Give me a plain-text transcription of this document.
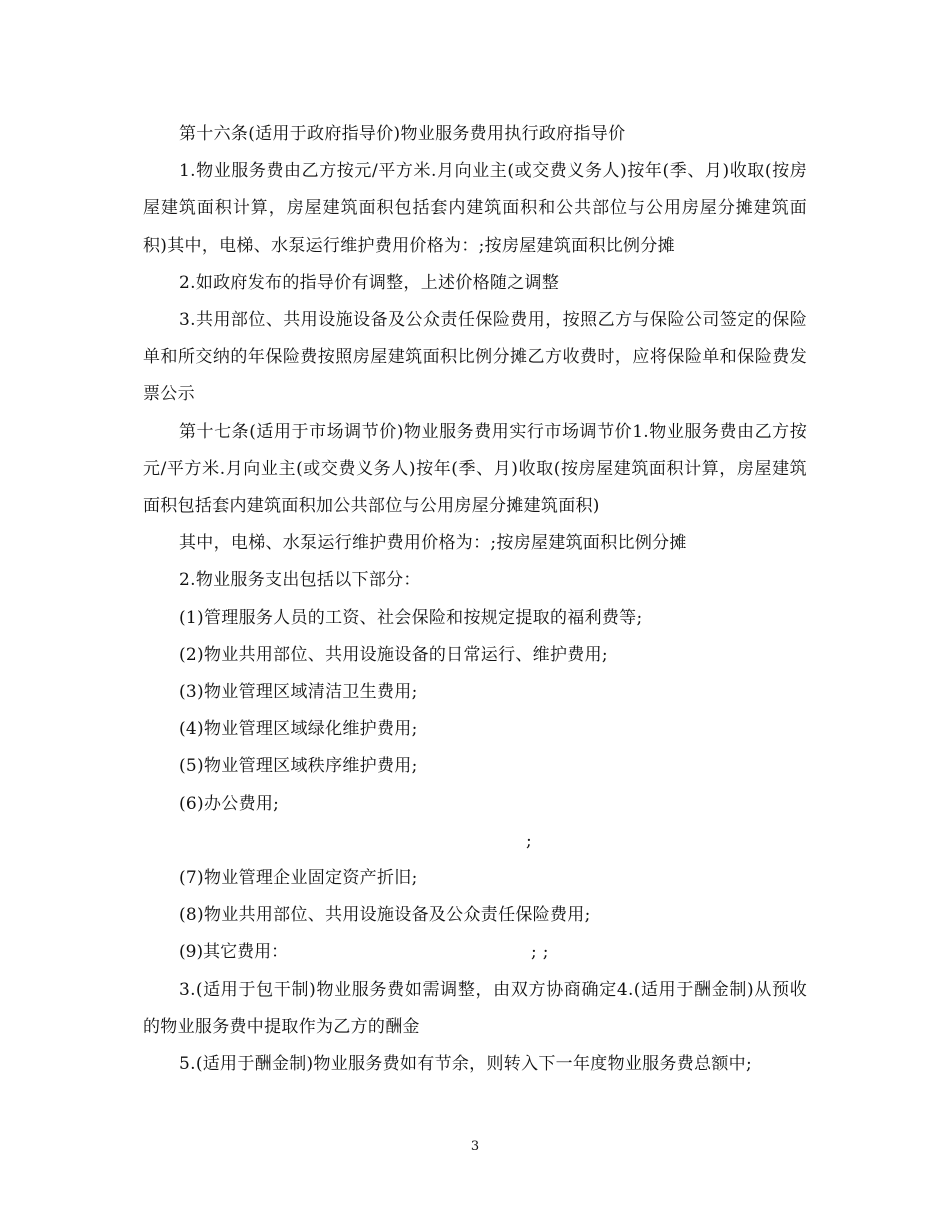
第十六条(适用于政府指导价)物业服务费用执行政府指导价

1.物业服务费由乙方按元/平方米.月向业主(或交费义务人)按年(季、月)收取(按房屋建筑面积计算，房屋建筑面积包括套内建筑面积和公共部位与公用房屋分摊建筑面积)其中，电梯、水泵运行维护费用价格为：;按房屋建筑面积比例分摊

2.如政府发布的指导价有调整，上述价格随之调整

3.共用部位、共用设施设备及公众责任保险费用，按照乙方与保险公司签定的保险单和所交纳的年保险费按照房屋建筑面积比例分摊乙方收费时，应将保险单和保险费发票公示

第十七条(适用于市场调节价)物业服务费用实行市场调节价1.物业服务费由乙方按元/平方米.月向业主(或交费义务人)按年(季、月)收取(按房屋建筑面积计算，房屋建筑面积包括套内建筑面积加公共部位与公用房屋分摊建筑面积)

其中，电梯、水泵运行维护费用价格为：;按房屋建筑面积比例分摊

2.物业服务支出包括以下部分：

(1)管理服务人员的工资、社会保险和按规定提取的福利费等;

(2)物业共用部位、共用设施设备的日常运行、维护费用;

(3)物业管理区域清洁卫生费用;

(4)物业管理区域绿化维护费用;

(5)物业管理区域秩序维护费用;

(6)办公费用;

;

(7)物业管理企业固定资产折旧;

(8)物业共用部位、共用设施设备及公众责任保险费用;

(9)其它费用：	; ;

3.(适用于包干制)物业服务费如需调整，由双方协商确定4.(适用于酬金制)从预收的物业服务费中提取作为乙方的酬金

5.(适用于酬金制)物业服务费如有节余，则转入下一年度物业服务费总额中;

3
